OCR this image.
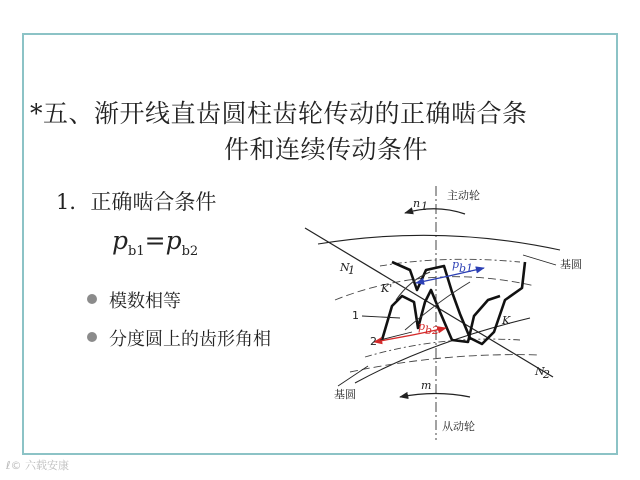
*五、渐开线直齿圆柱齿轮传动的正确啮合条
件和连续传动条件
1．正确啮合条件
$p_{b1}=p_{b2}$
模数相等
分度圆上的齿形角相
主动轮
从动轮
基圆
基圆
n 1
m
N
1
N
2
K
K'
1
2
p b1
p b2
ℓ© 六载安康
